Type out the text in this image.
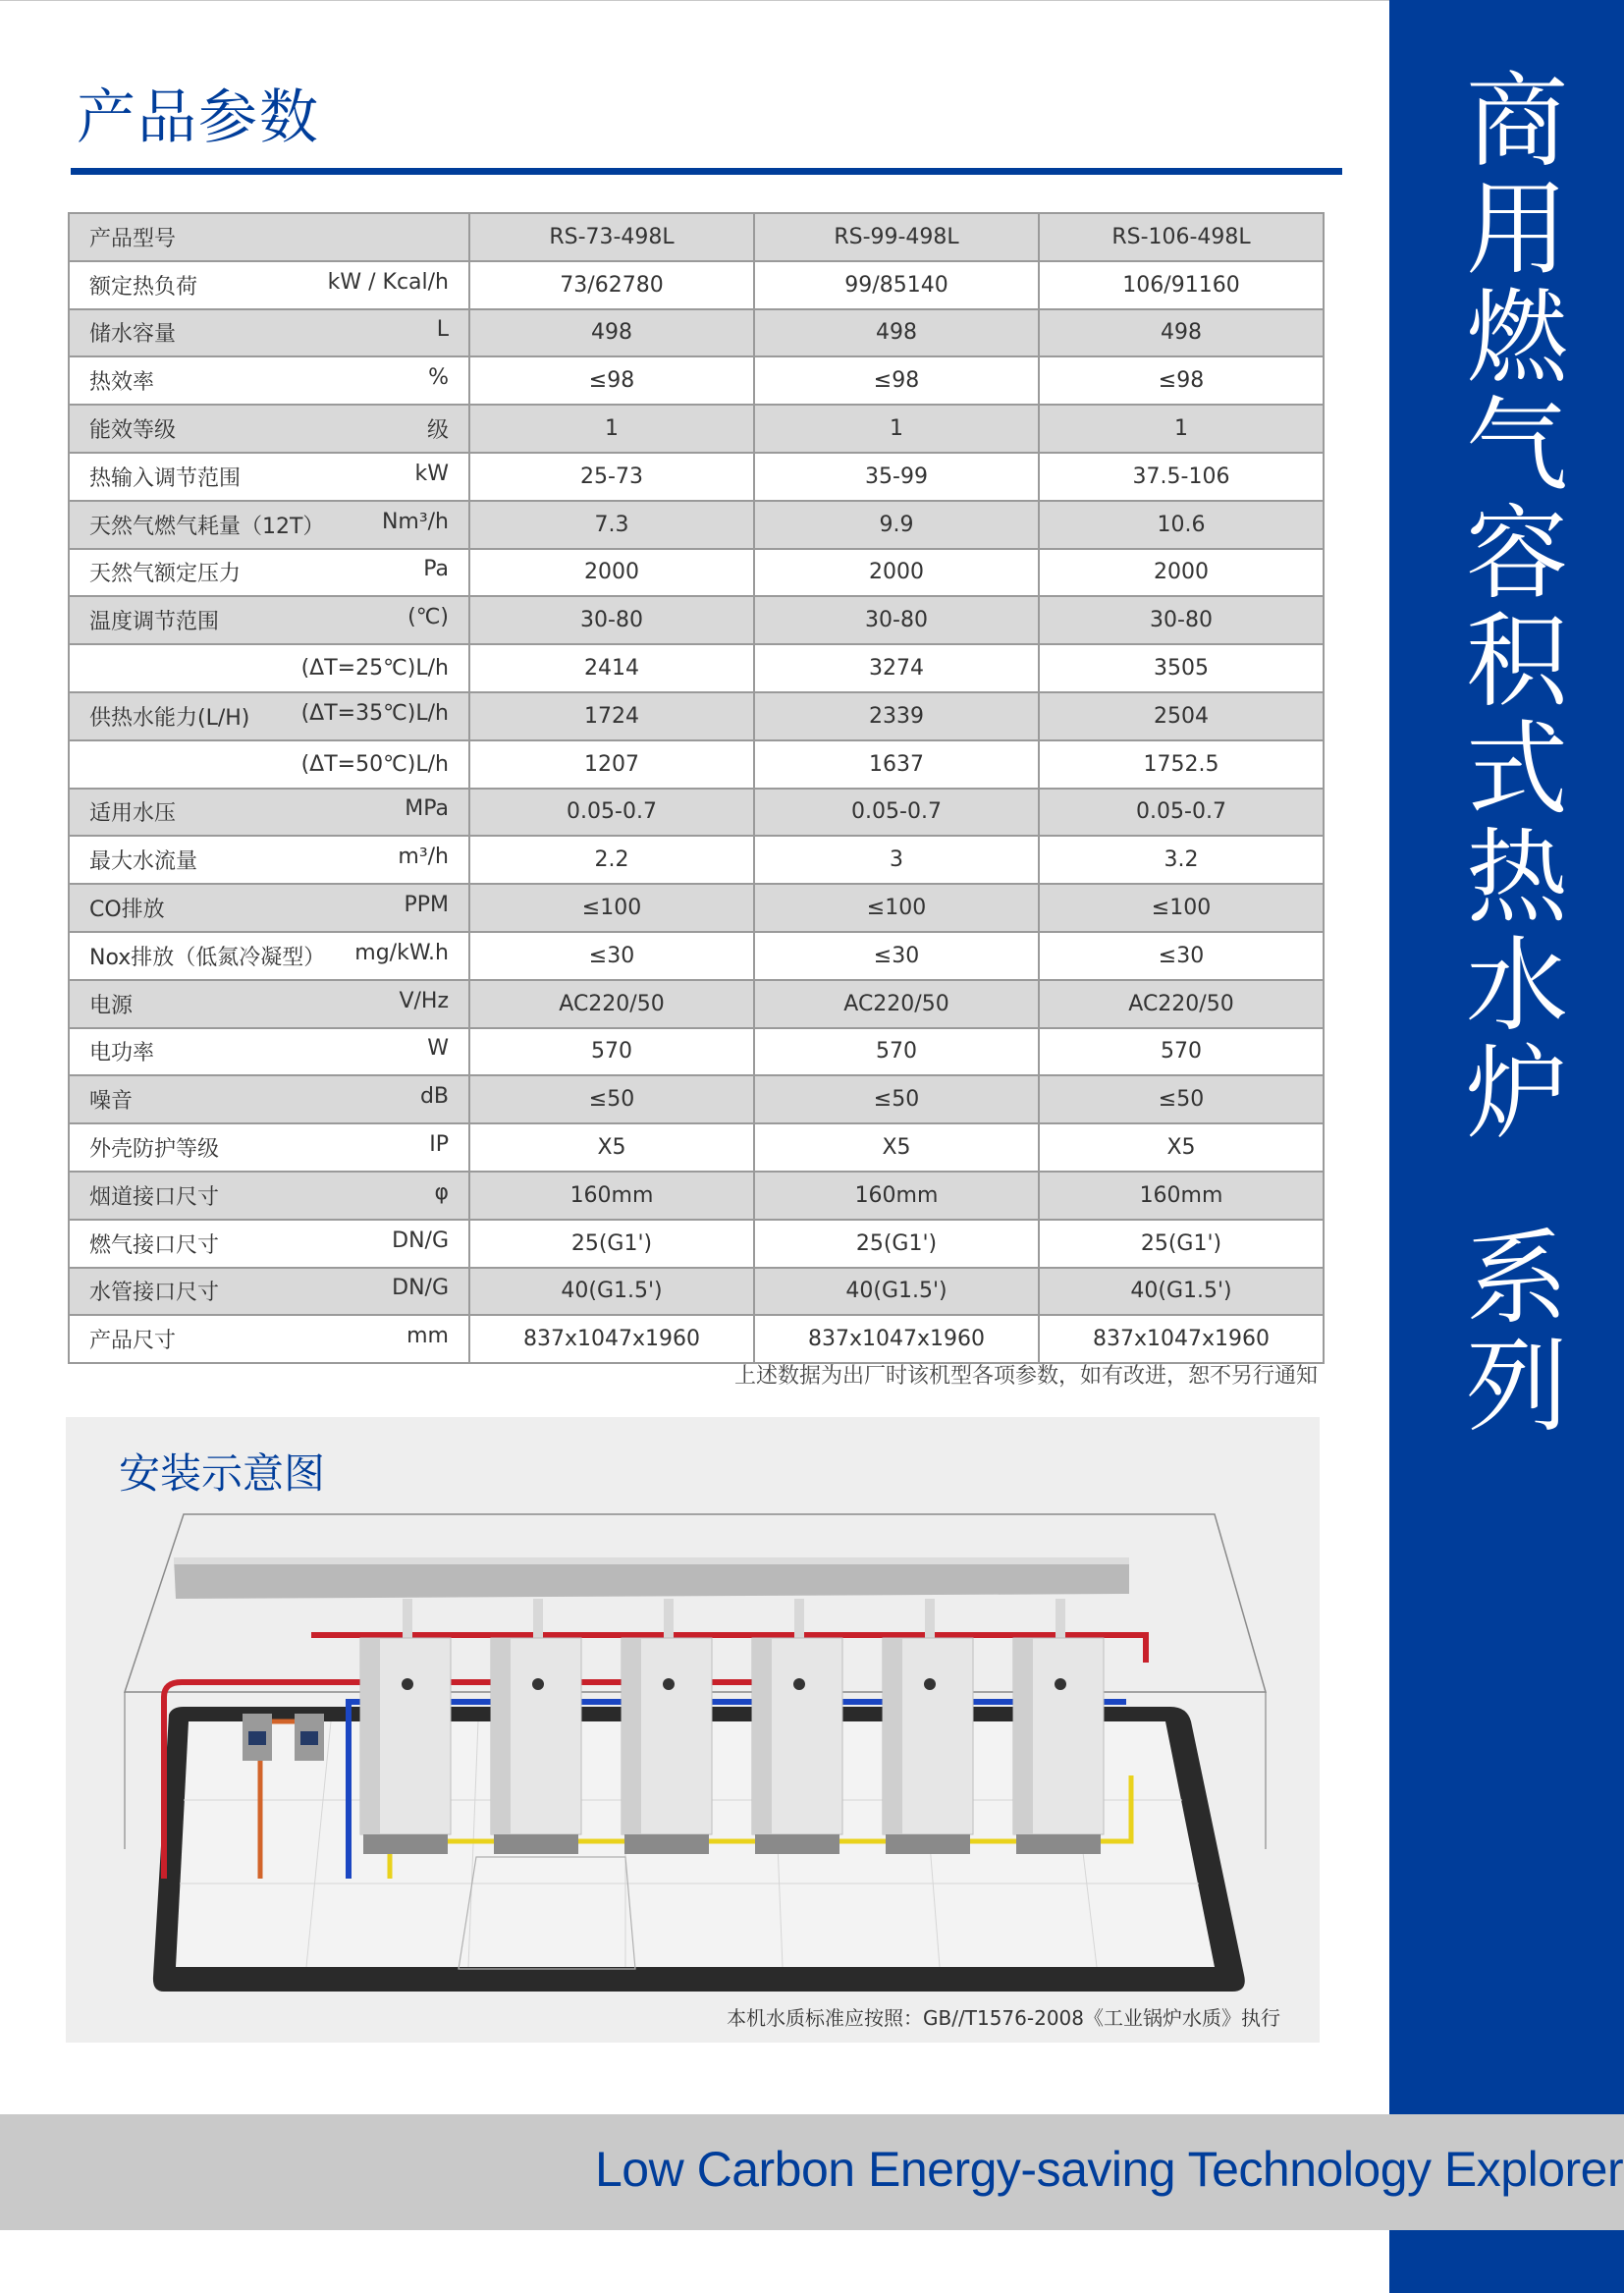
商用燃气容积式热水炉  系列
产品参数
产品型号	RS-73-498L	RS-99-498L	RS-106-498L

额定热负荷 kW / Kcal/h	73/62780	99/85140	106/91160

储水容量 L	498	498	498

热效率 %	≤98	≤98	≤98

能效等级 级	1	1	1

热输入调节范围 kW	25-73	35-99	37.5-106

天然气燃气耗量（12T） Nm³/h	7.3	9.9	10.6

天然气额定压力 Pa	2000	2000	2000

温度调节范围 (℃)	30-80	30-80	30-80

(ΔT=25℃)L/h	2414	3274	3505

供热水能力(L/H) (ΔT=35℃)L/h	1724	2339	2504

(ΔT=50℃)L/h	1207	1637	1752.5

适用水压 MPa	0.05-0.7	0.05-0.7	0.05-0.7

最大水流量 m³/h	2.2	3	3.2

CO排放 PPM	≤100	≤100	≤100

Nox排放（低氮冷凝型） mg/kW.h	≤30	≤30	≤30

电源 V/Hz	AC220/50	AC220/50	AC220/50

电功率 W	570	570	570

噪音 dB	≤50	≤50	≤50

外壳防护等级 IP	X5	X5	X5

烟道接口尺寸 φ	160mm	160mm	160mm

燃气接口尺寸 DN/G	25(G1')	25(G1')	25(G1')

水管接口尺寸 DN/G	40(G1.5')	40(G1.5')	40(G1.5')

产品尺寸 mm	837x1047x1960	837x1047x1960	837x1047x1960
上述数据为出厂时该机型各项参数，如有改进，恕不另行通知
安装示意图
本机水质标准应按照：GB//T1576-2008《工业锅炉水质》执行
Low Carbon Energy-saving Technology Explorer
